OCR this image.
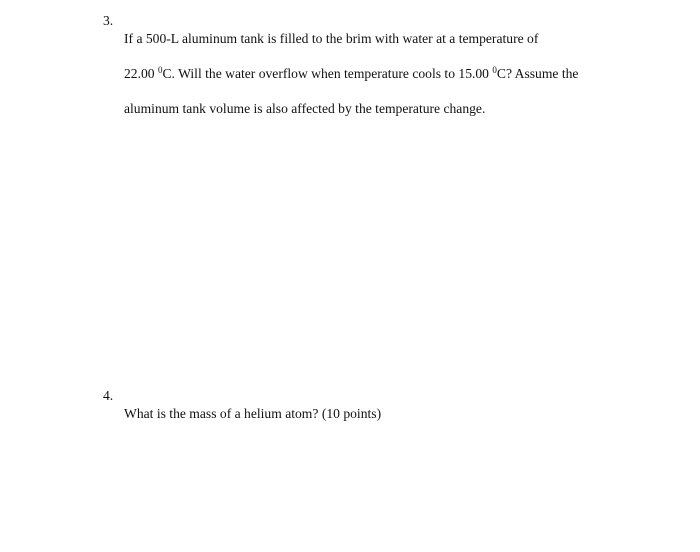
3.

If a 500-L aluminum tank is filled to the brim with water at a temperature of

22.00 $^0$C. Will the water overflow when temperature cools to 15.00 $^0$C? Assume the

aluminum tank volume is also affected by the temperature change.

4.

What is the mass of a helium atom? (10 points)
